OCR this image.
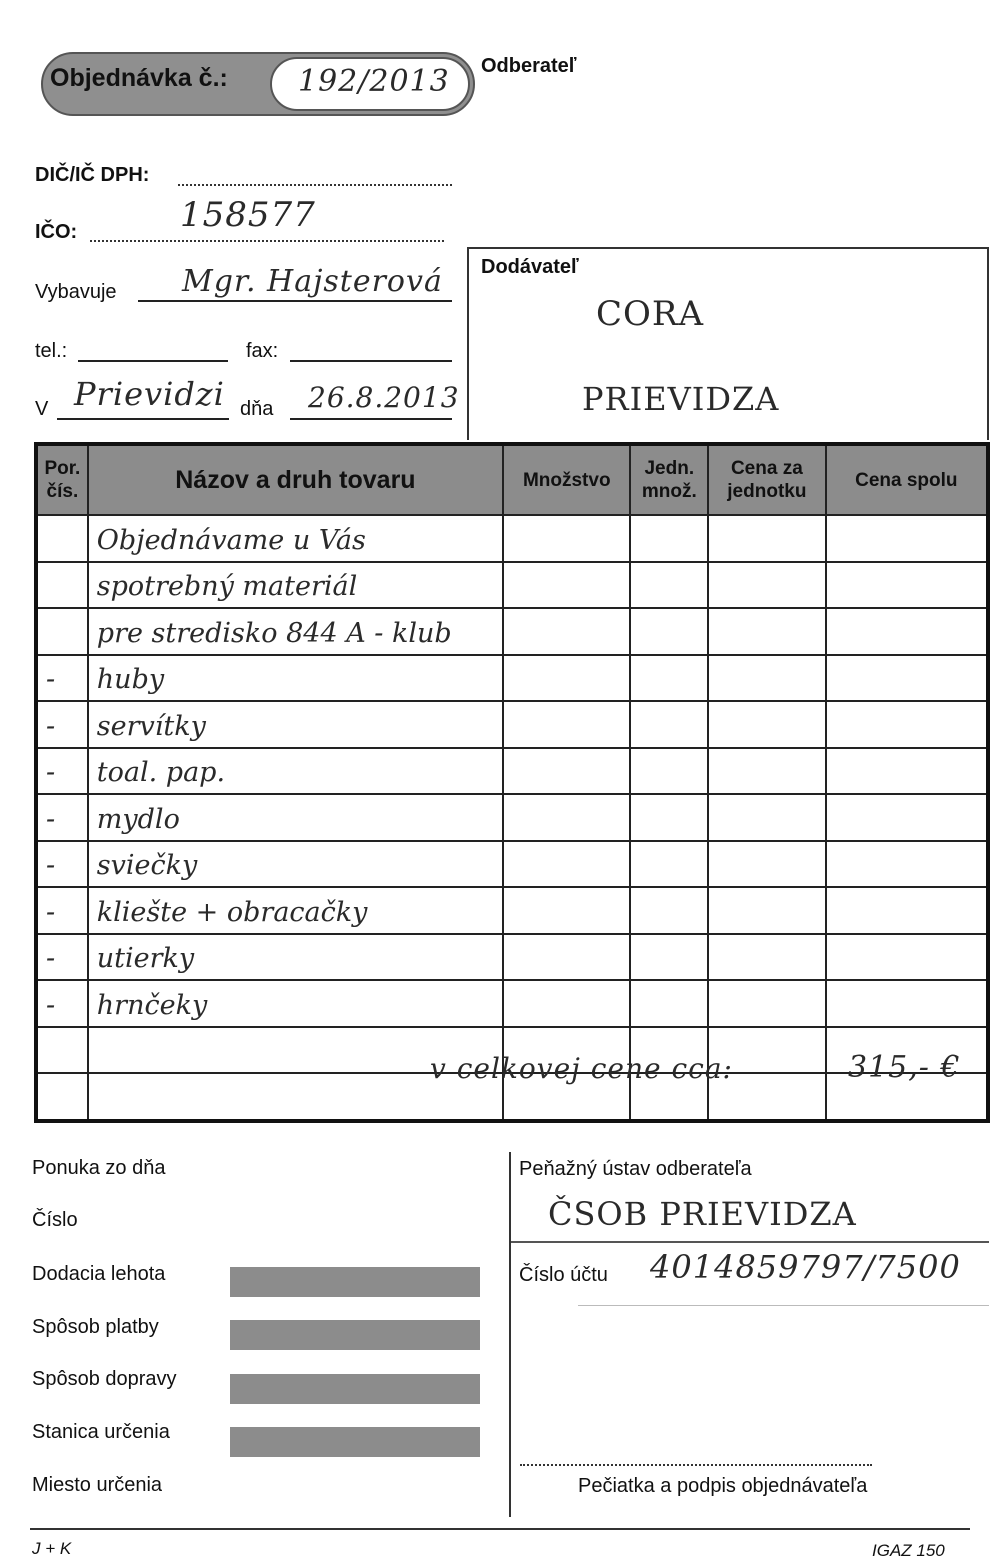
Objednávka č.: 192/2013 Odberateľ
DIČ/IČ DPH:
IČO:	158577
Vybavuje Mgr. Hajsterová
tel.:	fax:
V Prievidzi dňa 26.8.2013
Dodávateľ
CORA
PRIEVIDZA
Por. čís.	Názov a druh tovaru	Množstvo	Jedn. množ.	Cena za jednotku	Cena spolu

	Objednávame u Vás				

	spotrebný materiál				

	pre stredisko 844 A - klub				

-	huby				

-	servítky				

-	toal. pap.				

-	mydlo				

-	sviečky				

-	kliešte + obracačky				

-	utierky				

-	hrnčeky				

v celkovej cene cca:	315,- €
Ponuka zo dňa
Číslo
Dodacia lehota
Spôsob platby
Spôsob dopravy
Stanica určenia
Miesto určenia
Peňažný ústav odberateľa
ČSOB PRIEVIDZA
Číslo účtu 4014859797/7500
Pečiatka a podpis objednávateľa
J + K	IGAZ 150
